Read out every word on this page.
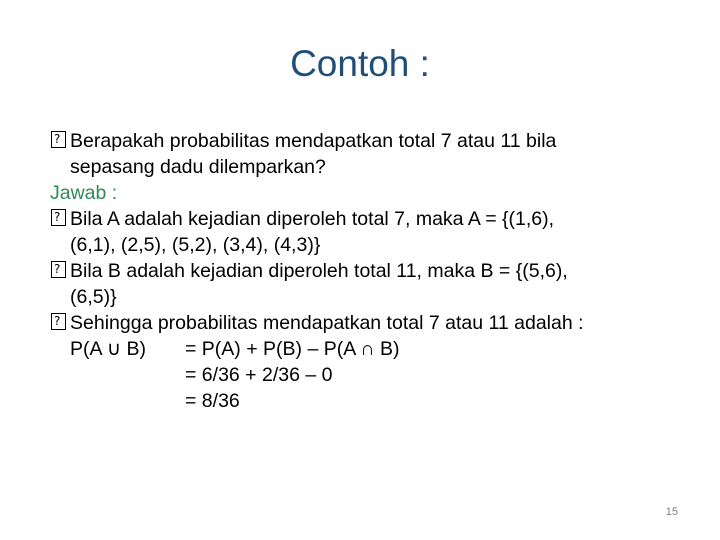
Contoh :
? Berapakah probabilitas mendapatkan total 7 atau 11 bila
sepasang dadu dilemparkan?
Jawab :
? Bila A adalah kejadian diperoleh total 7, maka A = {(1,6),
(6,1), (2,5), (5,2), (3,4), (4,3)}
? Bila B adalah kejadian diperoleh total 11, maka B = {(5,6),
(6,5)}
? Sehingga probabilitas mendapatkan total 7 atau 11 adalah :
P(A ∪ B) = P(A) + P(B) – P(A ∩ B)
= 6/36 + 2/36 – 0
= 8/36
15
